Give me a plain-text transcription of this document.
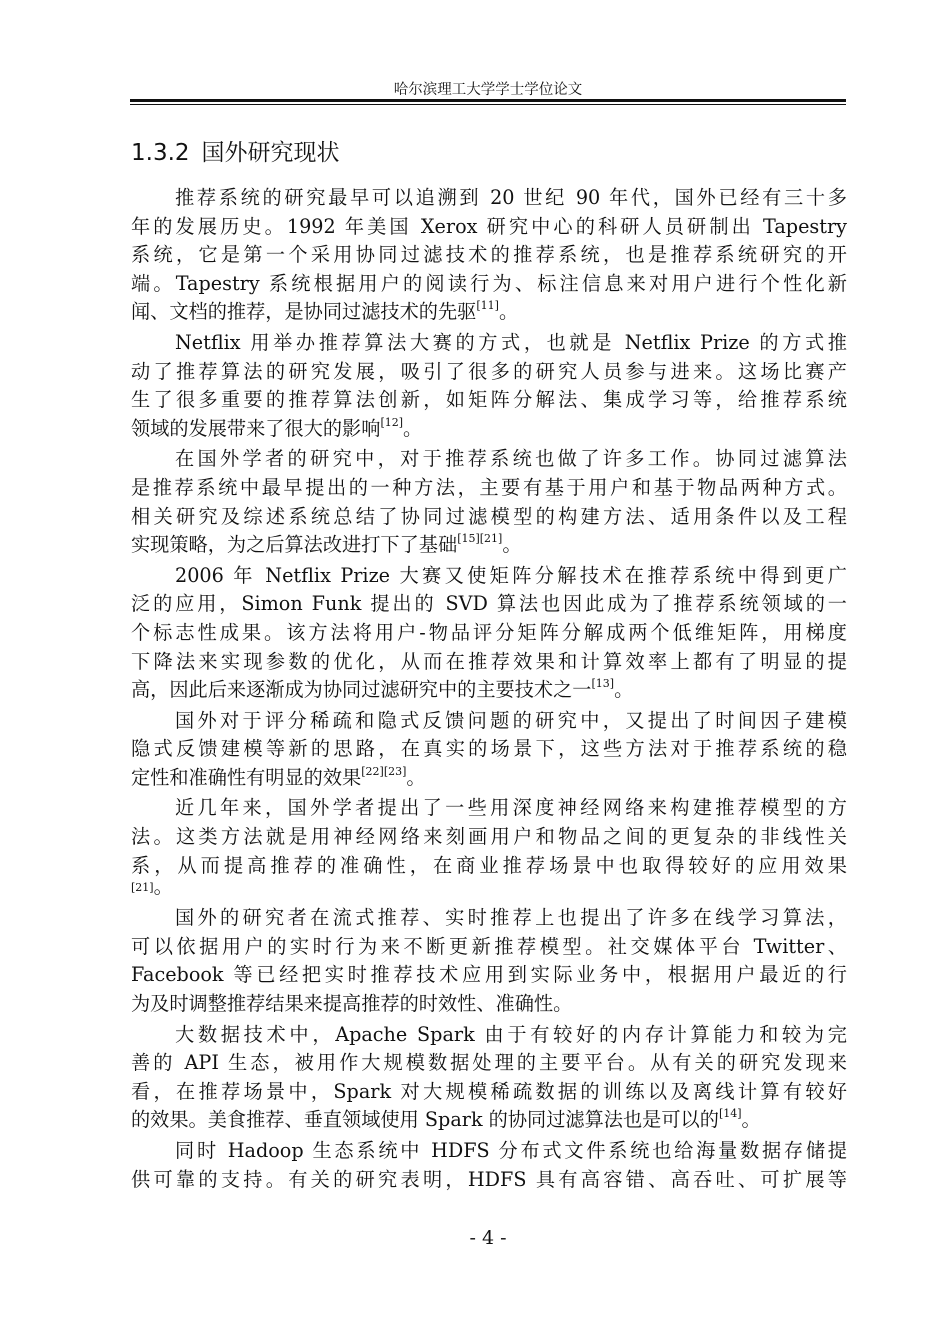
哈尔滨理工大学学士学位论文
1.3.2 国外研究现状
推荐系统的研究最早可以追溯到 20 世纪 90 年代，国外已经有三十多
年的发展历史。1992 年美国 Xerox 研究中心的科研人员研制出 Tapestry
系统，它是第一个采用协同过滤技术的推荐系统，也是推荐系统研究的开
端。Tapestry 系统根据用户的阅读行为、标注信息来对用户进行个性化新
闻、文档的推荐，是协同过滤技术的先驱[11]。
Netflix 用举办推荐算法大赛的方式，也就是 Netflix Prize 的方式推
动了推荐算法的研究发展，吸引了很多的研究人员参与进来。这场比赛产
生了很多重要的推荐算法创新，如矩阵分解法、集成学习等，给推荐系统
领域的发展带来了很大的影响[12]。
在国外学者的研究中，对于推荐系统也做了许多工作。协同过滤算法
是推荐系统中最早提出的一种方法，主要有基于用户和基于物品两种方式。
相关研究及综述系统总结了协同过滤模型的构建方法、适用条件以及工程
实现策略，为之后算法改进打下了基础[15][21]。
2006 年 Netflix Prize 大赛又使矩阵分解技术在推荐系统中得到更广
泛的应用，Simon Funk 提出的 SVD 算法也因此成为了推荐系统领域的一
个标志性成果。该方法将用户-物品评分矩阵分解成两个低维矩阵，用梯度
下降法来实现参数的优化，从而在推荐效果和计算效率上都有了明显的提
高，因此后来逐渐成为协同过滤研究中的主要技术之一[13]。
国外对于评分稀疏和隐式反馈问题的研究中，又提出了时间因子建模
隐式反馈建模等新的思路，在真实的场景下，这些方法对于推荐系统的稳
定性和准确性有明显的效果[22][23]。
近几年来，国外学者提出了一些用深度神经网络来构建推荐模型的方
法。这类方法就是用神经网络来刻画用户和物品之间的更复杂的非线性关
系，从而提高推荐的准确性，在商业推荐场景中也取得较好的应用效果
[21]。
国外的研究者在流式推荐、实时推荐上也提出了许多在线学习算法，
可以依据用户的实时行为来不断更新推荐模型。社交媒体平台 Twitter、
Facebook 等已经把实时推荐技术应用到实际业务中，根据用户最近的行
为及时调整推荐结果来提高推荐的时效性、准确性。
大数据技术中，Apache Spark 由于有较好的内存计算能力和较为完
善的 API 生态，被用作大规模数据处理的主要平台。从有关的研究发现来
看，在推荐场景中，Spark 对大规模稀疏数据的训练以及离线计算有较好
的效果。美食推荐、垂直领域使用 Spark 的协同过滤算法也是可以的[14]。
同时 Hadoop 生态系统中 HDFS 分布式文件系统也给海量数据存储提
供可靠的支持。有关的研究表明，HDFS 具有高容错、高吞吐、可扩展等
- 4 -
